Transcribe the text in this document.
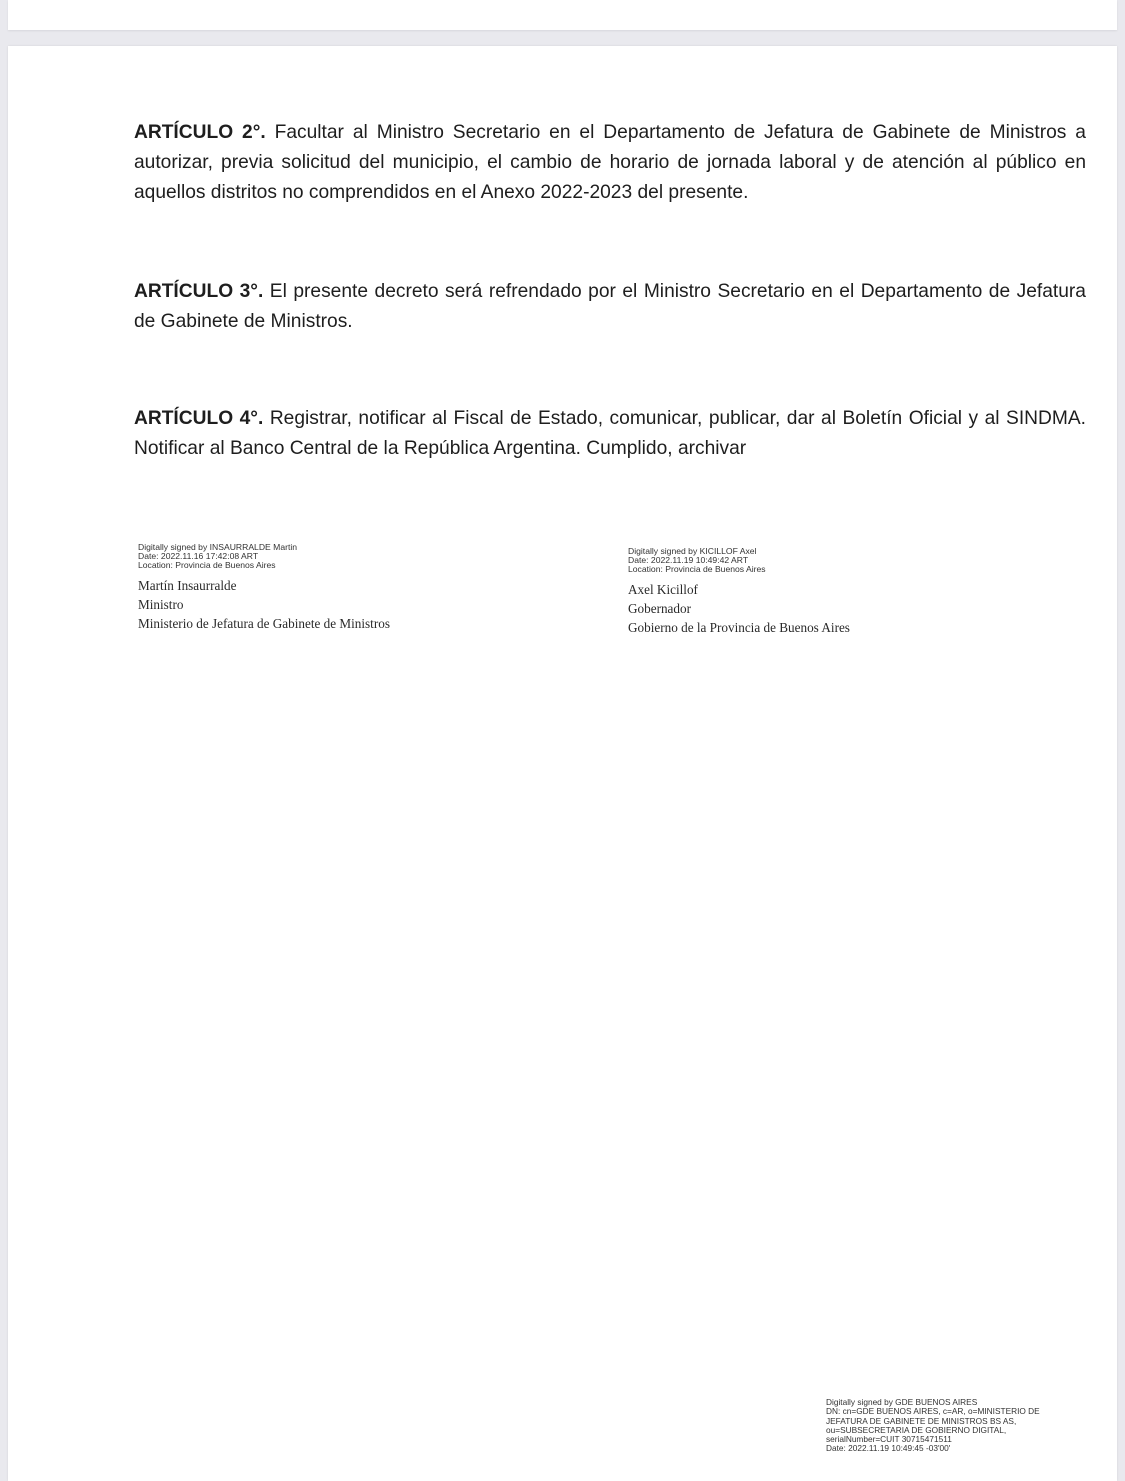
ARTÍCULO 2°. Facultar al Ministro Secretario en el Departamento de Jefatura de Gabinete de Ministros a autorizar, previa solicitud del municipio, el cambio de horario de jornada laboral y de atención al público en aquellos distritos no comprendidos en el Anexo 2022-2023 del presente.
ARTÍCULO 3°. El presente decreto será refrendado por el Ministro Secretario en el Departamento de Jefatura de Gabinete de Ministros.
ARTÍCULO 4°. Registrar, notificar al Fiscal de Estado, comunicar, publicar, dar al Boletín Oficial y al SINDMA. Notificar al Banco Central de la República Argentina. Cumplido, archivar
Digitally signed by INSAURRALDE Martin
Date: 2022.11.16 17:42:08 ART
Location: Provincia de Buenos Aires
Martín Insaurralde
Ministro
Ministerio de Jefatura de Gabinete de Ministros
Digitally signed by KICILLOF Axel
Date: 2022.11.19 10:49:42 ART
Location: Provincia de Buenos Aires
Axel Kicillof
Gobernador
Gobierno de la Provincia de Buenos Aires
Digitally signed by GDE BUENOS AIRES
DN: cn=GDE BUENOS AIRES, c=AR, o=MINISTERIO DE
JEFATURA DE GABINETE DE MINISTROS BS AS,
ou=SUBSECRETARIA DE GOBIERNO DIGITAL,
serialNumber=CUIT 30715471511
Date: 2022.11.19 10:49:45 -03'00'
